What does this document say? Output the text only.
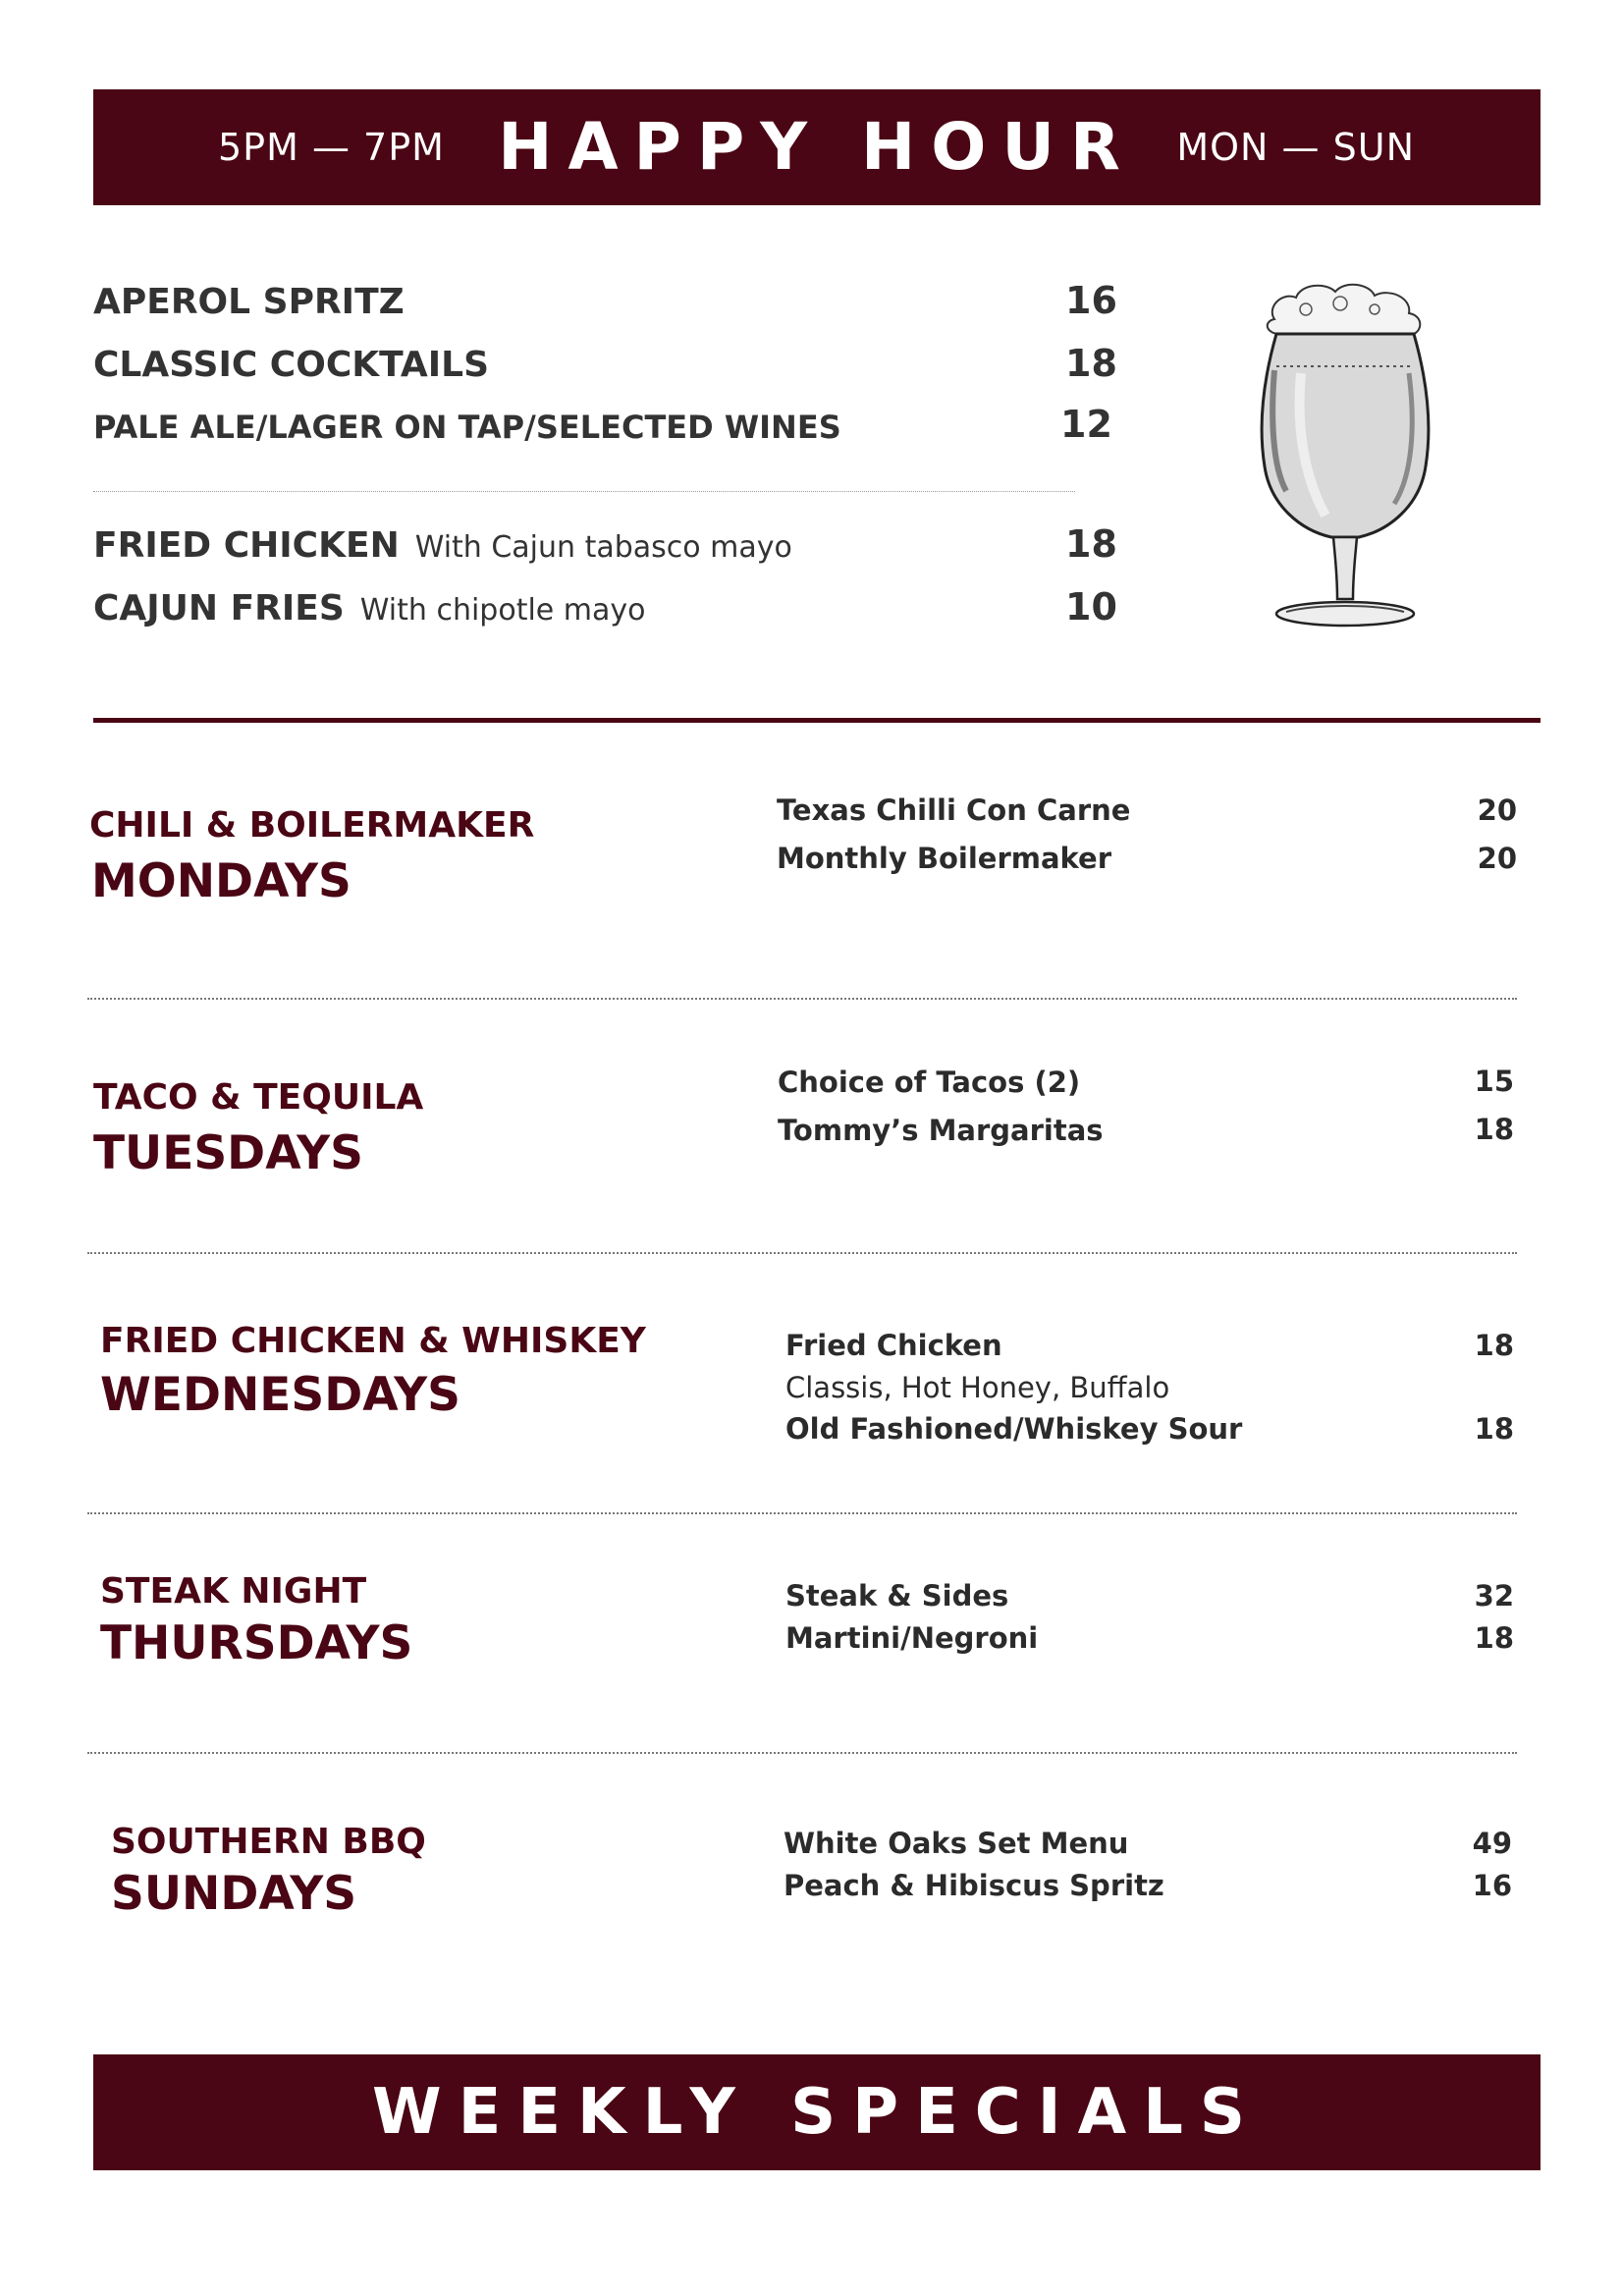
5PM — 7PM HAPPY HOUR	MON — SUN
APEROL SPRITZ	16
CLASSIC COCKTAILS	18
PALE ALE/LAGER ON TAP/SELECTED WINES	12
FRIED CHICKEN With Cajun tabasco mayo	18
CAJUN FRIES With chipotle mayo	10
CHILI & BOILERMAKER
MONDAYS
Texas Chilli Con Carne	20
Monthly Boilermaker	20
TACO & TEQUILA
TUESDAYS
Choice of Tacos (2)	15
Tommy’s Margaritas	18
FRIED CHICKEN & WHISKEY
WEDNESDAYS
Fried Chicken	18
Classis, Hot Honey, Buffalo
Old Fashioned/Whiskey Sour	18
STEAK NIGHT
THURSDAYS
Steak & Sides	32
Martini/Negroni	18
SOUTHERN BBQ
SUNDAYS
White Oaks Set Menu	49
Peach & Hibiscus Spritz	16
WEEKLY SPECIALS
